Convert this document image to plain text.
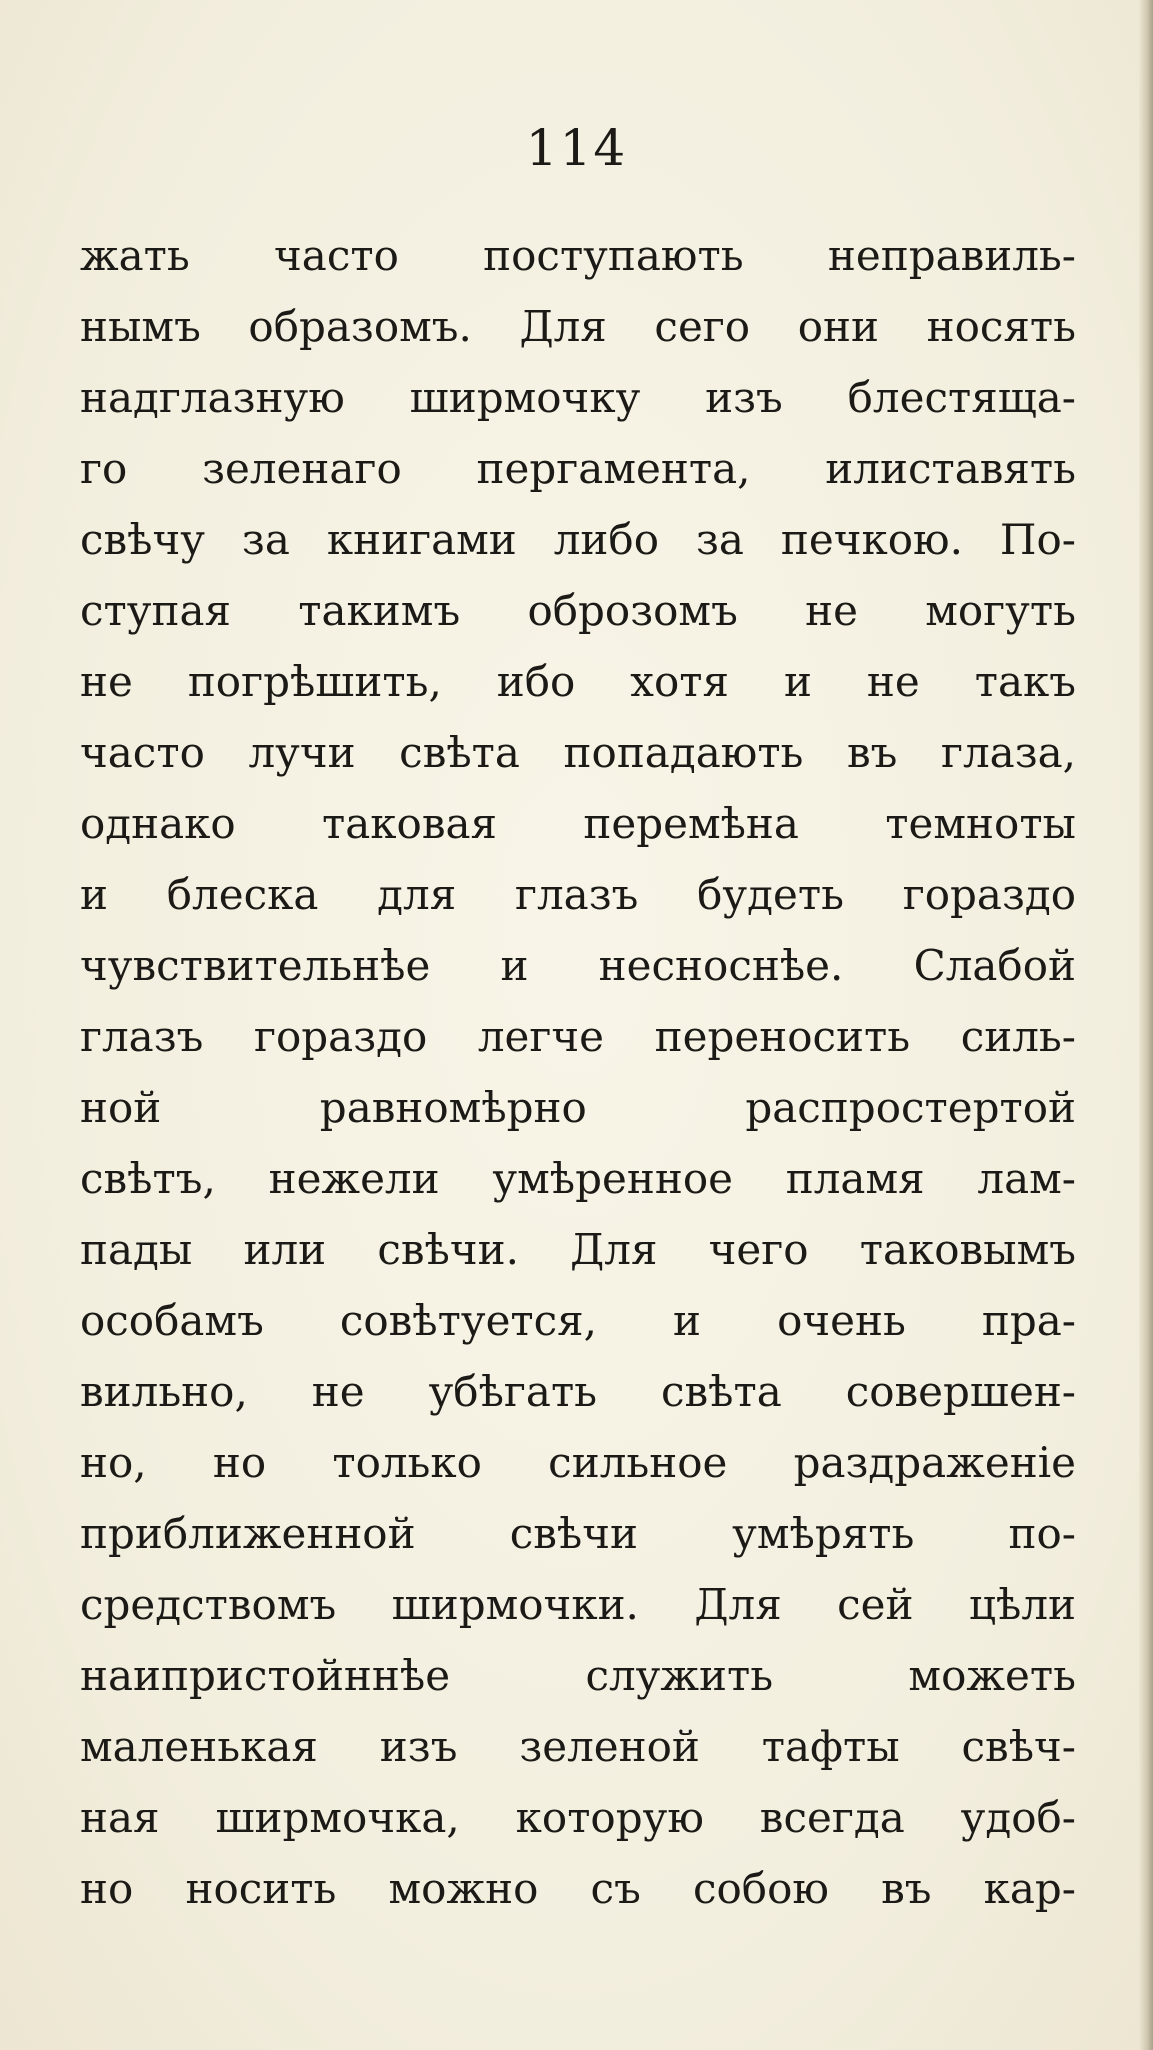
114
жать часто поступають неправиль-
нымъ образомъ. Для сего они носять
надглазную ширмочку изъ блестяща-
го зеленаго пергамента, илиставять
свѣчу за книгами либо за печкою. По-
ступая такимъ оброзомъ не могуть
не погрѣшить, ибо хотя и не такъ
часто лучи свѣта попадають въ глаза,
однако таковая перемѣна темноты
и блеска для глазъ будеть гораздо
чувствительнѣе и несноснѣе. Слабой
глазъ гораздо легче переносить силь-
ной равномѣрно распростертой
свѣтъ, нежели умѣренное пламя лам-
пады или свѣчи. Для чего таковымъ
особамъ совѣтуется, и очень пра-
вильно, не убѣгать свѣта совершен-
но, но только сильное раздраженіе
приближенной свѣчи умѣрять по-
средствомъ ширмочки. Для сей цѣли
наипристойннѣе служить можеть
маленькая изъ зеленой тафты свѣч-
ная ширмочка, которую всегда удоб-
но носить можно съ собою въ кар-
